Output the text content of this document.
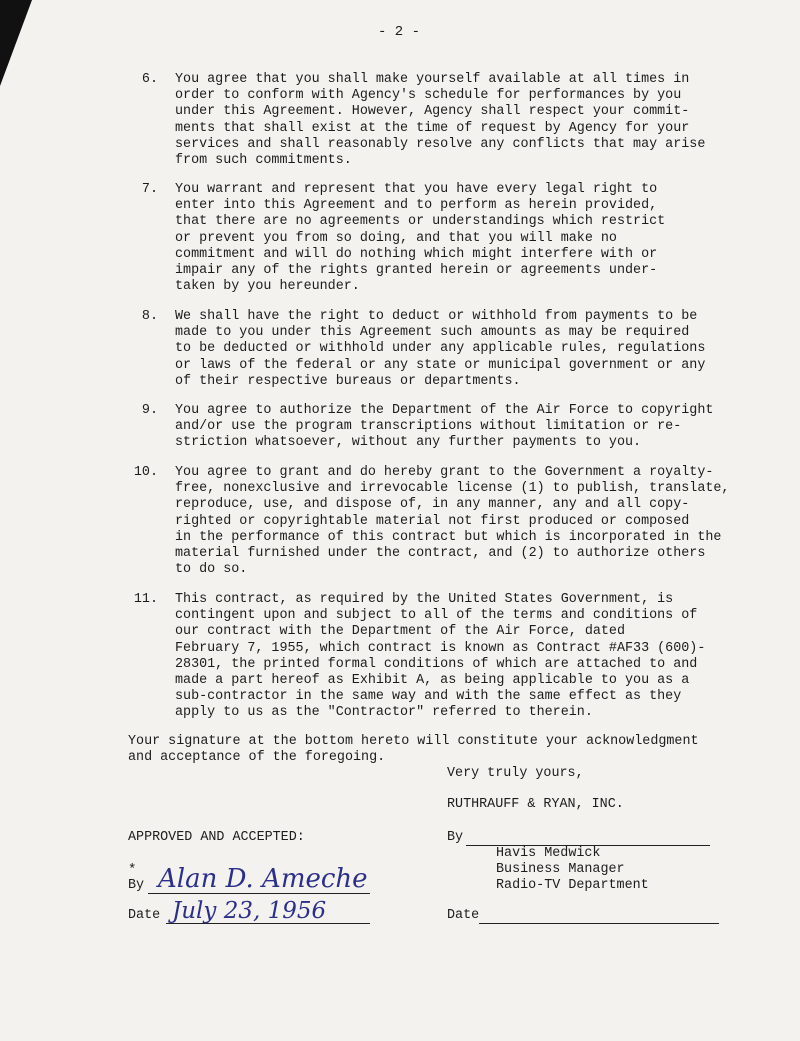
- 2 -
6. You agree that you shall make yourself available at all times in
order to conform with Agency's schedule for performances by you
under this Agreement. However, Agency shall respect your commit-
ments that shall exist at the time of request by Agency for your
services and shall reasonably resolve any conflicts that may arise
from such commitments.
7. You warrant and represent that you have every legal right to
enter into this Agreement and to perform as herein provided,
that there are no agreements or understandings which restrict
or prevent you from so doing, and that you will make no
commitment and will do nothing which might interfere with or
impair any of the rights granted herein or agreements under-
taken by you hereunder.
8. We shall have the right to deduct or withhold from payments to be
made to you under this Agreement such amounts as may be required
to be deducted or withhold under any applicable rules, regulations
or laws of the federal or any state or municipal government or any
of their respective bureaus or departments.
9. You agree to authorize the Department of the Air Force to copyright
and/or use the program transcriptions without limitation or re-
striction whatsoever, without any further payments to you.
10. You agree to grant and do hereby grant to the Government a royalty-
free, nonexclusive and irrevocable license (1) to publish, translate,
reproduce, use, and dispose of, in any manner, any and all copy-
righted or copyrightable material not first produced or composed
in the performance of this contract but which is incorporated in the
material furnished under the contract, and (2) to authorize others
to do so.
11. This contract, as required by the United States Government, is
contingent upon and subject to all of the terms and conditions of
our contract with the Department of the Air Force, dated
February 7, 1955, which contract is known as Contract #AF33 (600)-
28301, the printed formal conditions of which are attached to and
made a part hereof as Exhibit A, as being applicable to you as a
sub-contractor in the same way and with the same effect as they
apply to us as the "Contractor" referred to therein.
Your signature at the bottom hereto will constitute your acknowledgment
and acceptance of the foregoing.
Very truly yours,
RUTHRAUFF & RYAN, INC.
APPROVED AND ACCEPTED:	By
Havis Medwick
Business Manager
Radio-TV Department
*
By Alan D. Ameche
Date July 23, 1956	Date
